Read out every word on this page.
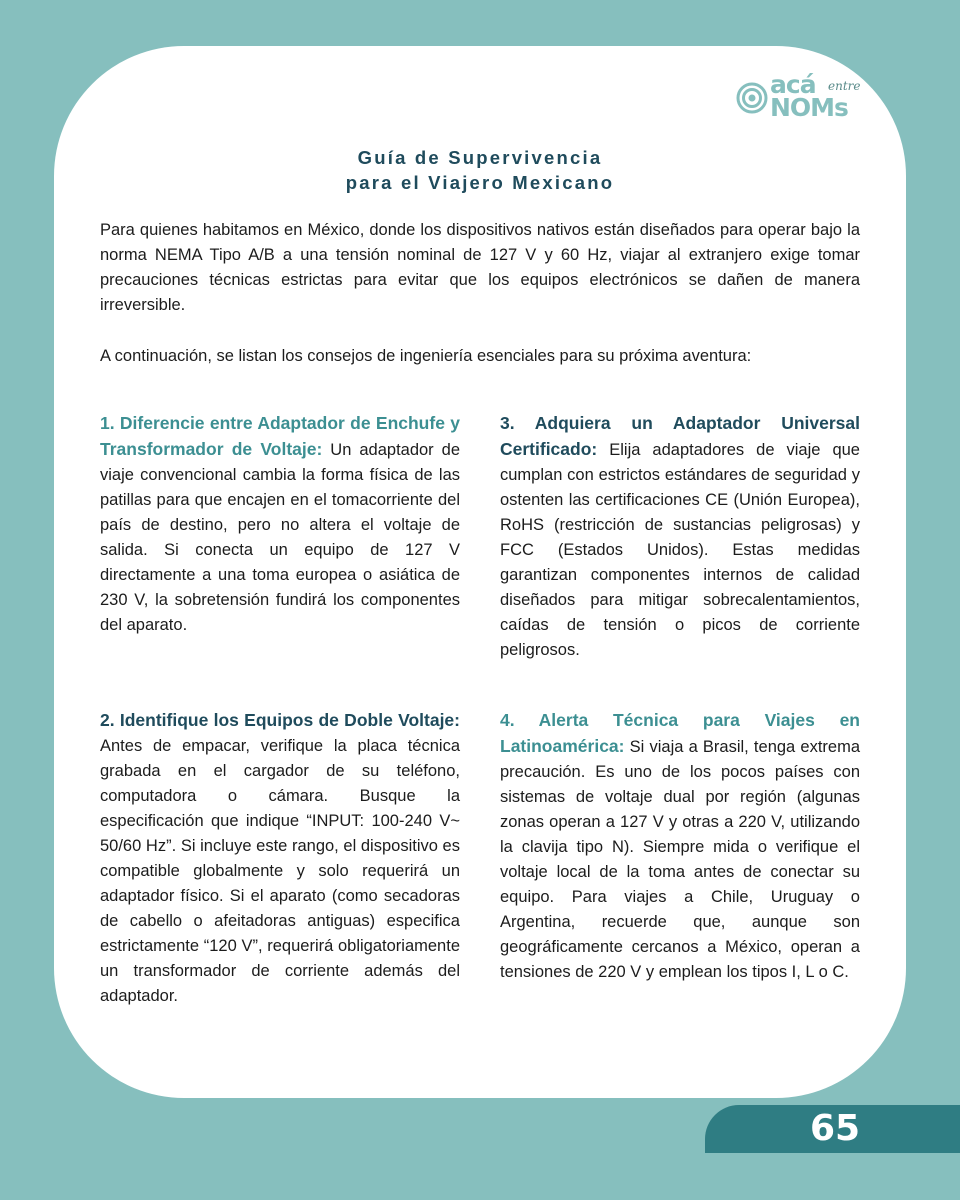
acá entre
NOMs
Guía de Supervivencia
para el Viajero Mexicano

Para quienes habitamos en México, donde los dispositivos nativos están diseñados para operar bajo la norma NEMA Tipo A/B a una tensión nominal de 127 V y 60 Hz, viajar al extranjero exige tomar precauciones técnicas estrictas para evitar que los equipos electrónicos se dañen de manera irreversible.

A continuación, se listan los consejos de ingeniería esenciales para su próxima aventura:

1. Diferencie entre Adaptador de Enchufe y Transformador de Voltaje: Un adaptador de viaje convencional cambia la forma física de las patillas para que encajen en el tomacorriente del país de destino, pero no altera el voltaje de salida. Si conecta un equipo de 127 V directamente a una toma europea o asiática de 230 V, la sobretensión fundirá los componentes del aparato.

3. Adquiera un Adaptador Universal Certificado: Elija adaptadores de viaje que cumplan con estrictos estándares de seguridad y ostenten las certificaciones CE (Unión Europea), RoHS (restricción de sustancias peligrosas) y FCC (Estados Unidos). Estas medidas garantizan componentes internos de calidad diseñados para mitigar sobrecalentamientos, caídas de tensión o picos de corriente peligrosos.

2. Identifique los Equipos de Doble Voltaje: Antes de empacar, verifique la placa técnica grabada en el cargador de su teléfono, computadora o cámara. Busque la especificación que indique “INPUT: 100-240 V~ 50/60 Hz”. Si incluye este rango, el dispositivo es compatible globalmente y solo requerirá un adaptador físico. Si el aparato (como secadoras de cabello o afeitadoras antiguas) especifica estrictamente “120 V”, requerirá obligatoriamente un transformador de corriente además del adaptador.

4. Alerta Técnica para Viajes en Latinoamérica: Si viaja a Brasil, tenga extrema precaución. Es uno de los pocos países con sistemas de voltaje dual por región (algunas zonas operan a 127 V y otras a 220 V, utilizando la clavija tipo N). Siempre mida o verifique el voltaje local de la toma antes de conectar su equipo. Para viajes a Chile, Uruguay o Argentina, recuerde que, aunque son geográficamente cercanos a México, operan a tensiones de 220 V y emplean los tipos I, L o C.

65
